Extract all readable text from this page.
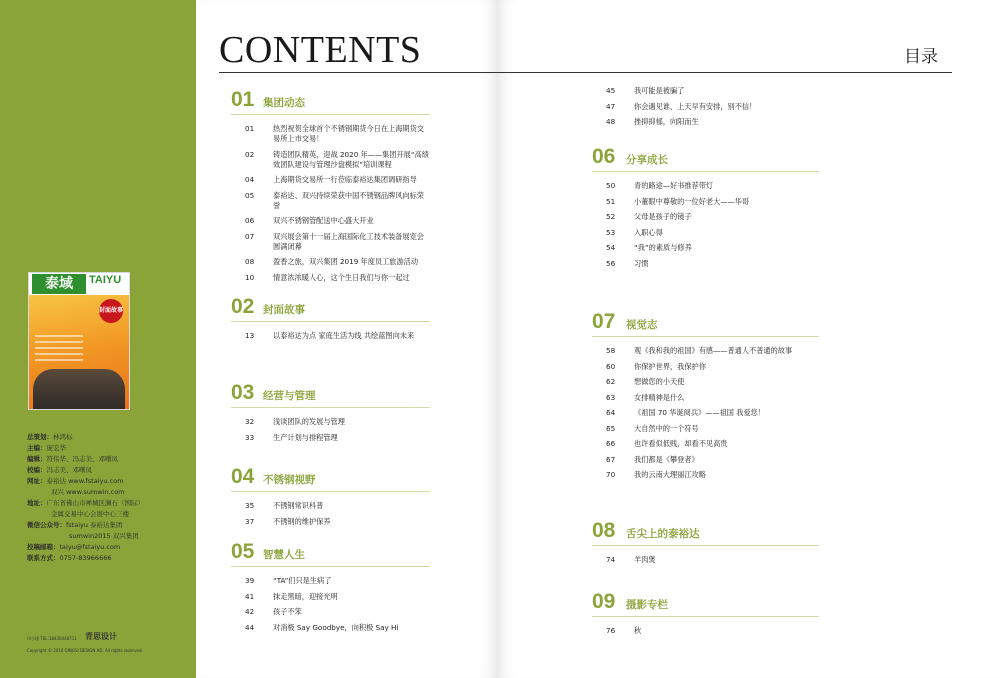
泰域	TAIYU
封面故事
总策划： 林鸿标
主编： 庞宏华
编辑： 符伟华、冯志美、邓曙凤
校编： 冯志美、邓曙凤
网址： 泰裕达 www.fstaiyu.com
双兴 www.sumwin.com
地址： 广东省佛山市禅城区澜石（国际）
金属交易中心会展中心三楼
微信公众号： fstaiyu 泰裕达集团
sumwin2015 双兴集团
投稿邮箱： taiyu@fstaiyu.com
联系方式： 0757-83966666
印小楼 TEL:18436448711	青思设计
Copyright © 2010 QINGSI DESIGN AD. All rights reserved.
CONTENTS	目录
01 集团动态
01	热烈祝贺全球首个不锈钢期货今日在上海期货交易所上市交易！
02	铸造团队精英，迎战 2020 年——集团开展“高绩效团队建设与管理沙盘模拟”培训课程
04	上海期货交易所一行莅临泰裕达集团调研指导
05	泰裕达、双兴持续荣获中国不锈钢品牌风向标荣誉
06	双兴不锈钢管配送中心盛大开业
07	双兴展会第十一届上海国际化工技术装备展览会圆满闭幕
08	盈香之旅，双兴集团 2019 年度员工旅游活动
10	情意浓浓暖人心，这个生日我们与你一起过
02 封面故事
13	以泰裕达为点 家庭生活为线 共绘蓝图向未来
03 经营与管理
32	浅谈团队的发展与管理
33	生产计划与排程管理
04 不锈钢视野
35	不锈钢常识科普
37	不锈钢的维护保养
05 智慧人生
39	“TA”们只是生病了
41	抹走黑暗，迎接光明
42	孩子不笨
44	对消极 Say Goodbye，向积极 Say Hi
45	我可能是被骗了
47	你会遇见谁，上天早有安排，别不信！
48	挫抑抑郁，向阳而生
06 分享成长
50	青的路途—好书推荐带灯
51	小董眼中尊敬的一位好老大——华哥
52	父母是孩子的镜子
53	入职心得
54	“我”的素质与修养
56	习惯
07 视觉志
58	观《我和我的祖国》有感——普通人不普通的故事
60	你保护世界，我保护你
62	想做您的小天使
63	女排精神是什么
64	《祖国 70 华诞阅兵》——祖国 我爱您！
65	大自然中的一个符号
66	也许看似低贱，却看不见高贵
67	我们都是《攀登者》
70	我的云南大理丽江攻略
08 舌尖上的泰裕达
74	羊肉煲
09 摄影专栏
76	秋
